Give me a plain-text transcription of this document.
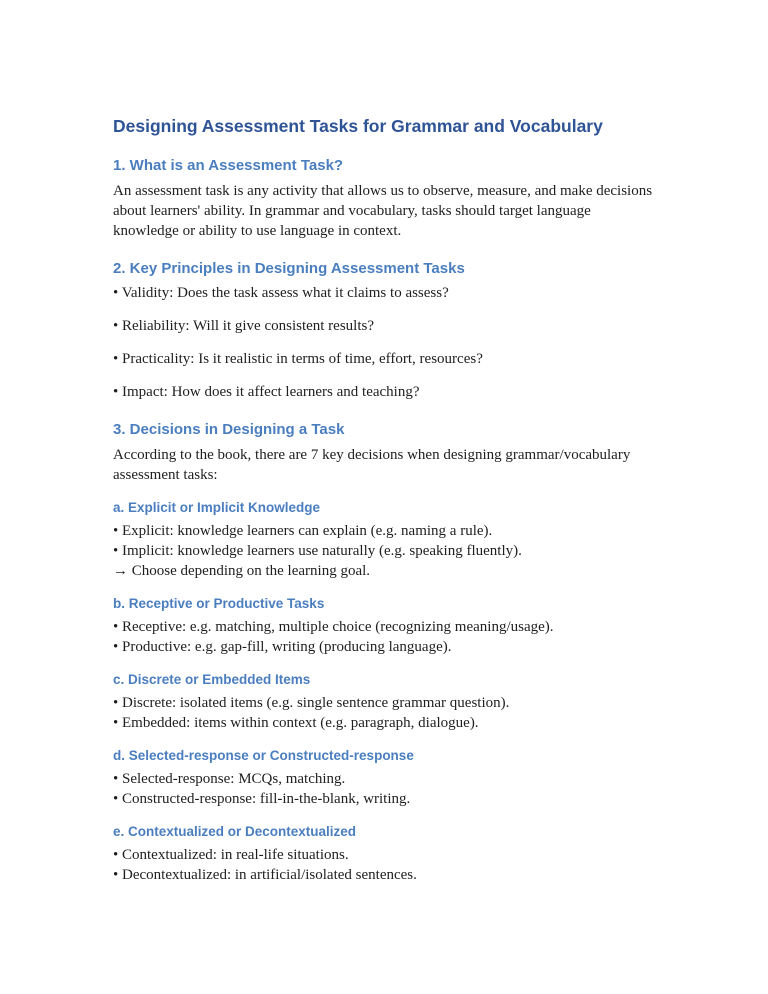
Designing Assessment Tasks for Grammar and Vocabulary
1. What is an Assessment Task?

An assessment task is any activity that allows us to observe, measure, and make decisions about learners' ability. In grammar and vocabulary, tasks should target language knowledge or ability to use language in context.

2. Key Principles in Designing Assessment Tasks

• Validity: Does the task assess what it claims to assess?

• Reliability: Will it give consistent results?

• Practicality: Is it realistic in terms of time, effort, resources?

• Impact: How does it affect learners and teaching?

3. Decisions in Designing a Task

According to the book, there are 7 key decisions when designing grammar/vocabulary assessment tasks:

a. Explicit or Implicit Knowledge

• Explicit: knowledge learners can explain (e.g. naming a rule).

• Implicit: knowledge learners use naturally (e.g. speaking fluently).

→ Choose depending on the learning goal.

b. Receptive or Productive Tasks

• Receptive: e.g. matching, multiple choice (recognizing meaning/usage).

• Productive: e.g. gap-fill, writing (producing language).

c. Discrete or Embedded Items

• Discrete: isolated items (e.g. single sentence grammar question).

• Embedded: items within context (e.g. paragraph, dialogue).

d. Selected-response or Constructed-response

• Selected-response: MCQs, matching.

• Constructed-response: fill-in-the-blank, writing.

e. Contextualized or Decontextualized

• Contextualized: in real-life situations.

• Decontextualized: in artificial/isolated sentences.
